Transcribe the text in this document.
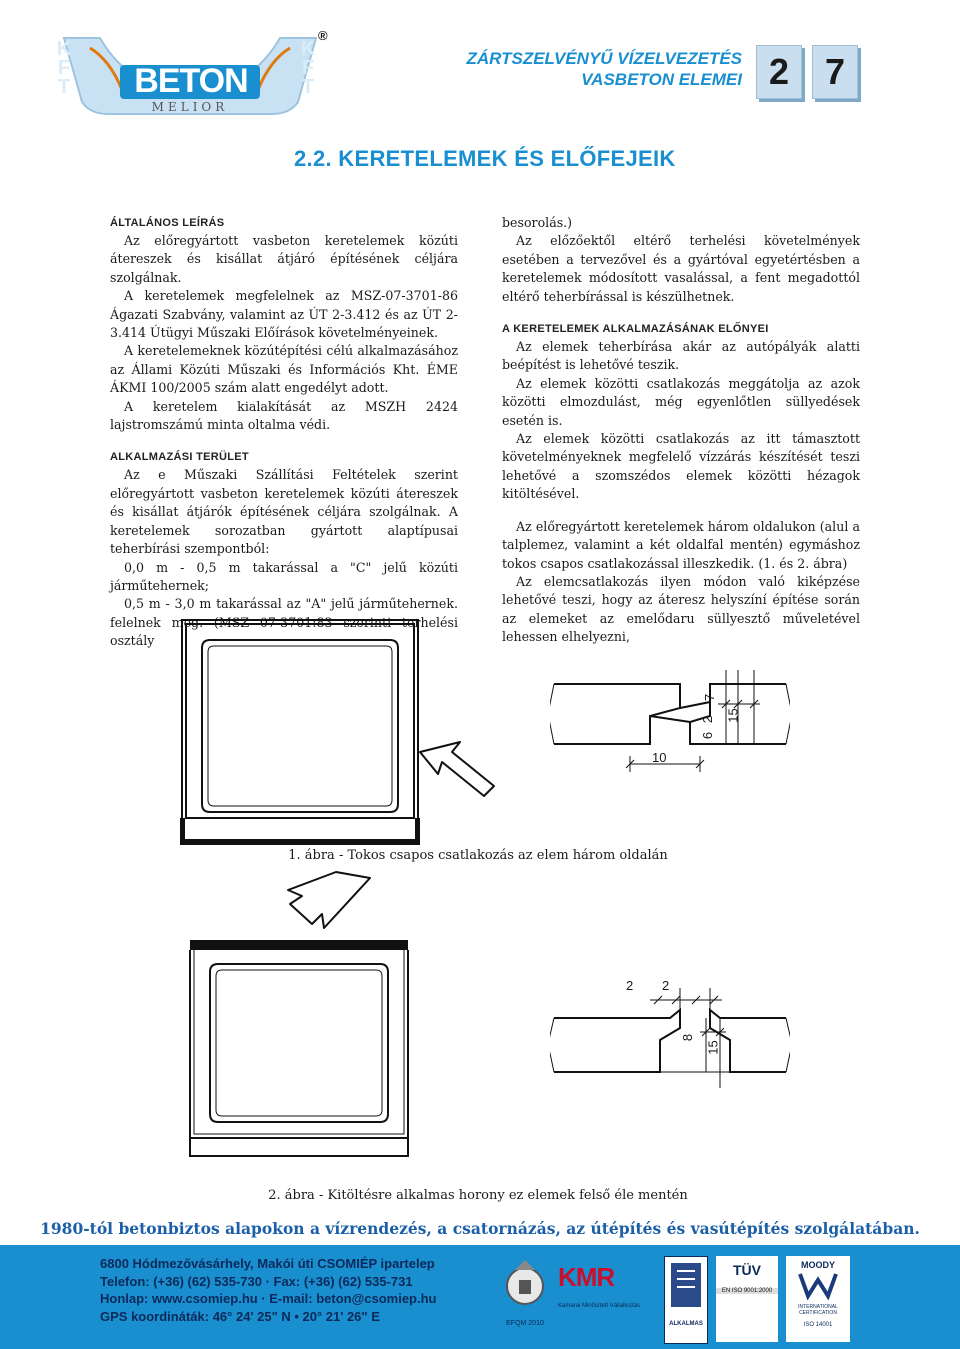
BETON
MELIOR
K
F
T
K
F
T
®
ZÁRTSZELVÉNYŰ VÍZELVEZETÉS
VASBETON ELEMEI 2 7
2.2. KERETELEMEK ÉS ELŐFEJEIK
ÁLTALÁNOS LEÍRÁS

Az előregyártott vasbeton keretelemek közúti átereszek és kisállat átjáró építésének céljára szolgálnak.

A keretelemek megfelelnek az MSZ-07-3701-86 Ágazati Szabvány, valamint az ÚT 2-3.412 és az ÚT 2-3.414 Útügyi Műszaki Előírások követelményeinek.

A keretelemeknek közútépítési célú alkalmazásához az Állami Közúti Műszaki és Információs Kht. ÉME ÁKMI 100/2005 szám alatt engedélyt adott.

A keretelem kialakítását az MSZH 2424 lajstromszámú minta oltalma védi.

ALKALMAZÁSI TERÜLET

Az e Műszaki Szállítási Feltételek szerint előregyártott vasbeton keretelemek közúti átereszek és kisállat átjárók építésének céljára szolgálnak. A keretelemek sorozatban gyártott alaptípusai teherbírási szempontból:

0,0 m - 0,5 m takarással a "C" jelű közúti járműtehernek;

0,5 m - 3,0 m takarással az "A" jelű járműtehernek. felelnek meg. (MSZ 07-3701:83 szerinti terhelési osztály

besorolás.)

Az előzőektől eltérő terhelési követelmények esetében a tervezővel és a gyártóval egyetértésben a keretelemek módosított vasalással, a fent megadottól eltérő teherbírással is készülhetnek.

A KERETELEMEK ALKALMAZÁSÁNAK ELŐNYEI

Az elemek teherbírása akár az autópályák alatti beépítést is lehetővé teszik.

Az elemek közötti csatlakozás meggátolja az azok közötti elmozdulást, még egyenlőtlen süllyedések esetén is.

Az elemek közötti csatlakozás az itt támasztott követelményeknek megfelelő vízzárás készítését teszi lehetővé a szomszédos elemek közötti hézagok kitöltésével.

Az előregyártott keretelemek három oldalukon (alul a talplemez, valamint a két oldalfal mentén) egymáshoz tokos csapos csatlakozással illeszkedik. (1. és 2. ábra)

Az elemcsatlakozás ilyen módon való kiképzése lehetővé teszi, hogy az áteresz helyszíní építése során az elemeket az emelődaru süllyesztő műveletével lehessen elhelyezni,

10
6
2
7
15
1. ábra - Tokos csapos csatlakozás az elem három oldalán
2 2
8
15
2. ábra - Kitöltésre alkalmas horony ez elemek felső éle mentén
1980-tól betonbiztos alapokon a vízrendezés, a csatornázás, az útépítés és vasútépítés szolgálatában.
6800 Hódmezővásárhely, Makói úti CSOMIÉP ipartelep
Telefon: (+36) (62) 535-730 · Fax: (+36) (62) 535-731
Honlap: www.csomiep.hu · E-mail: beton@csomiep.hu
GPS koordináták: 46° 24' 25" N • 20° 21' 26" E	EFQM 2010
KMR
Kamarai Minősített Vállalkozás
ALKALMAS
TÜV
EN ISO 9001:2000
MOODY
INTERNATIONAL CERTIFICATION
ISO 14001
